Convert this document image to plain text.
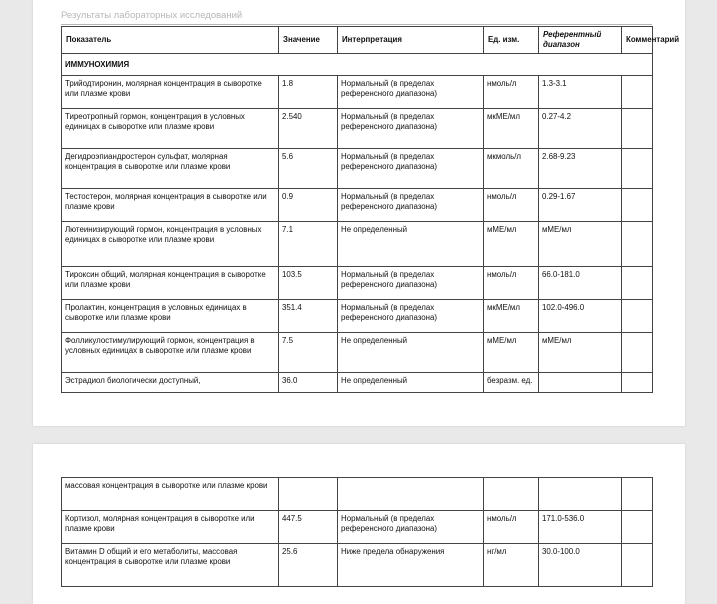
Результаты лабораторных исследований
Показатель	Значение	Интерпретация	Ед. изм.	Референтный диапазон	Комментарий
ИММУНОХИМИЯ					
Трийодтиронин, молярная концентрация в сыворотке или плазме крови	1.8	Нормальный (в пределах референсного диапазона)	нмоль/л	1.3-3.1	
Тиреотропный гормон, концентрация в условных единицах в сыворотке или плазме крови	2.540	Нормальный (в пределах референсного диапазона)	мкМЕ/мл	0.27-4.2	
Дегидроэпиандростерон сульфат, молярная концентрация в сыворотке или плазме крови	5.6	Нормальный (в пределах референсного диапазона)	мкмоль/л	2.68-9.23	
Тестостерон, молярная концентрация в сыворотке или плазме крови	0.9	Нормальный (в пределах референсного диапазона)	нмоль/л	0.29-1.67	
Лютеинизирующий гормон, концентрация в условных единицах в сыворотке или плазме крови	7.1	Не определенный	мМЕ/мл	мМЕ/мл	
Тироксин общий, молярная концентрация в сыворотке или плазме крови	103.5	Нормальный (в пределах референсного диапазона)	нмоль/л	66.0-181.0	
Пролактин, концентрация в условных единицах в сыворотке или плазме крови	351.4	Нормальный (в пределах референсного диапазона)	мкМЕ/мл	102.0-496.0	
Фолликулостимулирующий гормон, концентрация в условных единицах в сыворотке или плазме крови	7.5	Не определенный	мМЕ/мл	мМЕ/мл	
Эстрадиол биологически доступный,	36.0	Не определенный	безразм. ед.		
массовая концентрация в сыворотке или плазме крови					
Кортизол, молярная концентрация в сыворотке или плазме крови	447.5	Нормальный (в пределах референсного диапазона)	нмоль/л	171.0-536.0	
Витамин D общий и его метаболиты, массовая концентрация в сыворотке или плазме крови	25.6	Ниже предела обнаружения	нг/мл	30.0-100.0	
